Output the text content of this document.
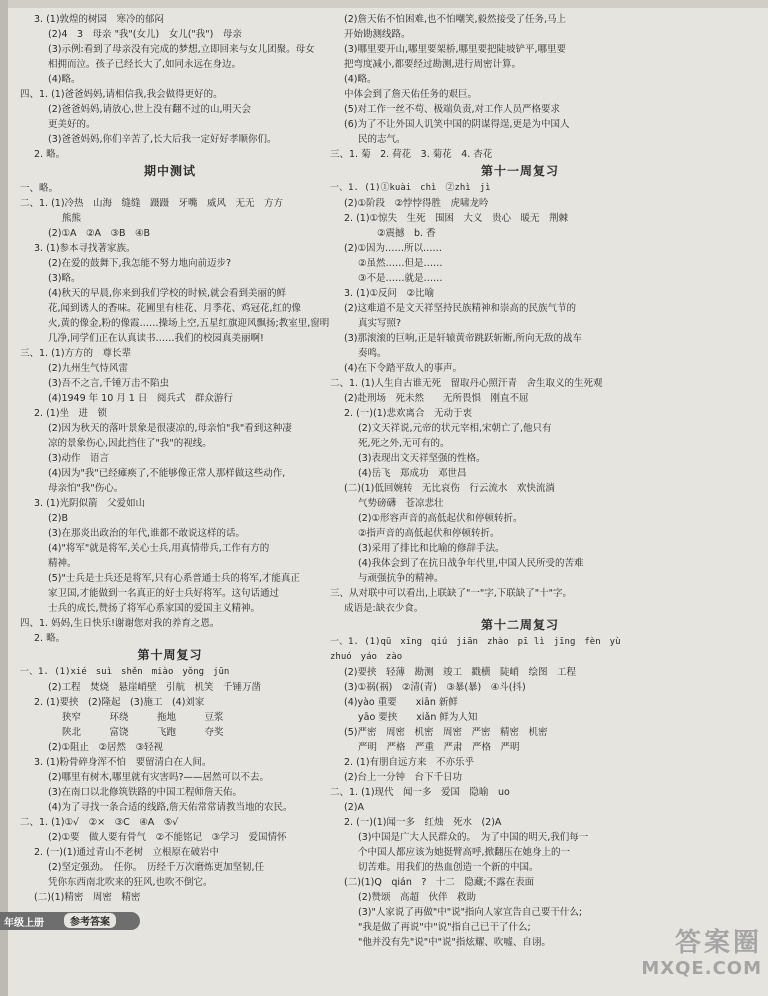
3. (1)敦煌的树园　寒冷的郁闷
(2)4　3　母亲 "我"(女儿)　女儿("我")　母亲
(3)示例:看到了母亲没有完成的梦想,立即回来与女儿团聚。母女
相拥而泣。孩子已经长大了,如同永远在身边。
(4)略。
四、1. (1)爸爸妈妈,请相信我,我会做得更好的。
(2)爸爸妈妈,请放心,世上没有翻不过的山,明天会
更美好的。
(3)爸爸妈妈,你们辛苦了,长大后我一定好好孝顺你们。
2. 略。
期中测试
一、略。
二、1. (1)冷热　山海　缝缝　蹑蹑　牙嘴　威风　无无　方方
熊熊
(2)①A　②A　③B　④B
3. (1)参本寻找著家族。
(2)在爱的鼓舞下,我怎能不努力地向前迈步?
(3)略。
(4)秋天的早晨,你来到我们学校的时候,就会看到美丽的鲜
花,闻到诱人的香味。花圃里有桂花、月季花、鸡冠花,红的像
火,黄的像金,粉的像霞……操场上空,五星红旗迎风飘扬;教室里,窗明
几净,同学们正在认真读书……我们的校园真美丽啊!
三、1. (1)方方的　尊长辈
(2)九州生气恃风雷
(3)吾不之言,千锤万击不陷虫
(4)1949 年 10 月 1 日　阅兵式　群众游行
2. (1)坐　进　锁
(2)因为秋天的落叶景象是很凄凉的,母亲怕"我"看到这种凄
凉的景象伤心,因此挡住了"我"的视线。
(3)动作　语言
(4)因为"我"已经瘫痪了,不能够像正常人那样做这些动作,
母亲怕"我"伤心。
3. (1)光阴似箭　父爱如山
(2)B
(3)在那炎出政治的年代,谁都不敢说这样的话。
(4)"将军"就是将军,关心士兵,用真情带兵,工作有方的
精神。
(5)"士兵是士兵还是将军,只有心系普通士兵的将军,才能真正
家卫国,才能做到一名真正的好士兵好将军。这句话通过
士兵的成长,赞扬了将军心系家国的爱国主义精神。
四、1. 妈妈,生日快乐!谢谢您对我的养育之恩。
2. 略。
第十周复习
一、1. (1)xié　suì　shěn　miào　yǒng　jūn
(2)工程　焚烧　悬崖峭壁　引航　机笑　千锤万凿
2. (1)要挟　(2)隆起　(3)施工　(4)刘家
狭窄　　　环绕　　　拖地　　　豆浆
陕北　　　富饶　　　飞跑　　　夺奖
(2)①阻止　②居然　③轻视
3. (1)粉骨碎身浑不怕　要留清白在人间。
(2)哪里有树木,哪里就有灾害吗?——居然可以不去。
(3)在南口以北修筑铁路的中国工程师詹天佑。
(4)为了寻找一条合适的线路,詹天佑常常请教当地的农民。
二、1. (1)①√　②×　③C　④A　⑤√
(2)①要　做人要有骨气　②不能铭记　③学习　爱国情怀
2. (一)(1)通过青山不老树　立根原在破岩中
(2)坚定强劲。　任你。　历经千万次磨炼更加坚韧,任
凭你东西南北吹来的狂风,也吹不倒它。
(二)(1)精密　周密　精密
(2)詹天佑不怕困难,也不怕嘲笑,毅然接受了任务,马上
开始勘测线路。
(3)哪里要开山,哪里要架桥,哪里要把陡坡铲平,哪里要
把弯度减小,都要经过勘测,进行周密计算。
(4)略。
中体会到了詹天佑任务的艰巨。
(5)对工作一丝不苟、极端负责,对工作人员严格要求
(6)为了不让外国人讥笑中国的阴谋得逞,更是为中国人
民的志气。
三、1. 菊　2. 荷花　3. 菊花　4. 杏花
第十一周复习
一、1. (1)①kuài　chì　②zhì　jì
(2)①阶段　②悖悖得胜　虎啸龙吟
2. (1)①惊失　生死　围困　大义　贵心　暖无　荆棘
　　②震撼　b. 香
(2)①因为……所以……
②虽然……但是……
③不是……就是……
3. (1)①反问　②比喻
(2)这难道不是文天祥坚持民族精神和崇高的民族气节的
真实写照?
(3)那滚滚的巨响,正是轩辕黄帝跳跃斩断,所向无敌的战车
奏鸣。
(4)在下令踏平敌人的事声。
二、1. (1)人生自古谁无死　留取丹心照汗青　舍生取义的生死观
(2)赴刑场　死未然　　无所畏惧　刚直不屈
2. (一)(1)悲欢离合　无动于衷
(2)文天祥说,元帝的状元宰相,宋朝亡了,他只有
死,死之外,无可有的。
(3)表现出文天祥坚强的性格。
(4)岳飞　郑成功　邓世昌
(二)(1)低回婉转　无比哀伤　行云流水　欢快流淌
气势磅礴　苍凉悲壮
(2)①形容声音的高低起伏和停顿转折。
②指声音的高低起伏和停顿转折。
(3)采用了排比和比喻的修辞手法。
(4)我体会到了在抗日战争年代里,中国人民所受的苦难
与顽强抗争的精神。
三、从对联中可以看出,上联缺了"一"字,下联缺了"十"字。
成语是:缺衣少食。
第十二周复习
一、1. (1)qū　xīng　qiú　jiān　zhào　pī lì　jīng　fèn　yù
zhuó　yáo　zào
(2)要挟　轻薄　勘测　竣工　戳横　陡峭　绘图　工程
(3)①祸(祸)　②清(青)　③暴(暴)　④斗(抖)
(4)yào 重要　　xiān 新鲜
yāo 要挟　　xiǎn 鲜为人知
(5)严密　周密　机密　周密　严密　精密　机密
严明　严格　严重　严肃　严格　严明
2. (1)有朋自远方来　不亦乐乎
(2)台上一分钟　台下千日功
二、1. (1)现代　闻一多　爱国　隐喻　uo
(2)A
2. (一)(1)闻一多　红烛　死水　(2)A
(3)中国是广大人民群众的。　为了中国的明天,我们每一
个中国人都应该为她挺臂高呼,掀翻压在她身上的一
切苦难。用我们的热血创造一个新的中国。
(二)(1)Q　qián　?　十二　隐藏;不露在表面
(2)赞颂　高超　伙伴　救助
(3)"人家说了再做"中"说"指向人家宣告自己要干什么;
"我是做了再说"中"说"指自己已干了什么;
"他并没有先"说"中"说"指炫耀、吹嘘、自诩。
年级上册	参考答案
答案圈
MXQE.COM
